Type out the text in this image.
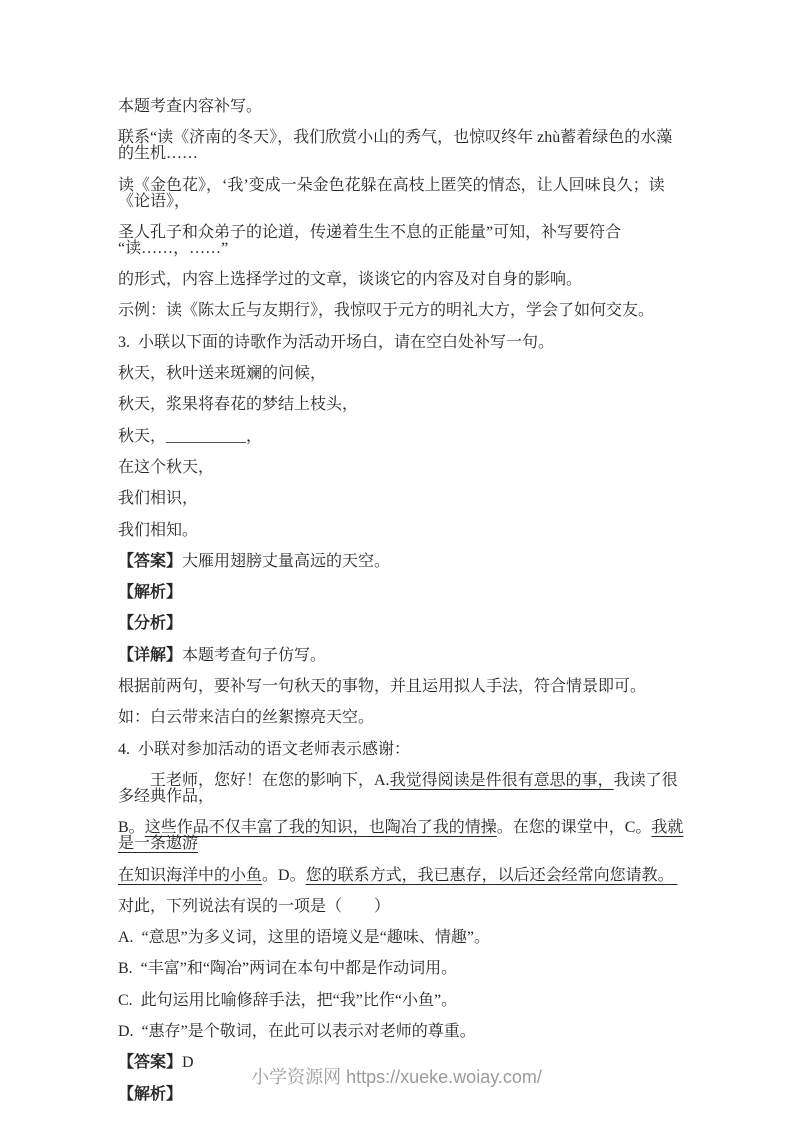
本题考查内容补写。

联系“读《济南的冬天》，我们欣赏小山的秀气，也惊叹终年 zhù蓄着绿色的水藻的生机……

读《金色花》，‘我’变成一朵金色花躲在高枝上匿笑的情态，让人回味良久；读《论语》，

圣人孔子和众弟子的论道，传递着生生不息的正能量”可知，补写要符合“读……，……”

的形式，内容上选择学过的文章，谈谈它的内容及对自身的影响。

示例：读《陈太丘与友期行》，我惊叹于元方的明礼大方，学会了如何交友。

3.  小联以下面的诗歌作为活动开场白，请在空白处补写一句。

秋天，秋叶送来斑斓的问候，

秋天，浆果将春花的梦结上枝头，

秋天，__________，

在这个秋天，

我们相识，

我们相知。

【答案】大雁用翅膀丈量高远的天空。

【解析】

【分析】

【详解】本题考查句子仿写。

根据前两句，要补写一句秋天的事物，并且运用拟人手法，符合情景即可。

如：白云带来洁白的丝絮擦亮天空。

4.  小联对参加活动的语文老师表示感谢：

王老师，您好！在您的影响下，A.我觉得阅读是件很有意思的事，我读了很多经典作品，

B。这些作品不仅丰富了我的知识，也陶冶了我的情操。在您的课堂中，C。我就是一条遨游

在知识海洋中的小鱼。D。您的联系方式，我已惠存，以后还会经常向您请教。

对此，下列说法有误的一项是（　　）

A.  “意思”为多义词，这里的语境义是“趣味、情趣”。

B.  “丰富”和“陶冶”两词在本句中都是作动词用。

C.  此句运用比喻修辞手法，把“我”比作“小鱼”。

D.  “惠存”是个敬词，在此可以表示对老师的尊重。

【答案】D

【解析】

小学资源网 https://xueke.woiay.com/
